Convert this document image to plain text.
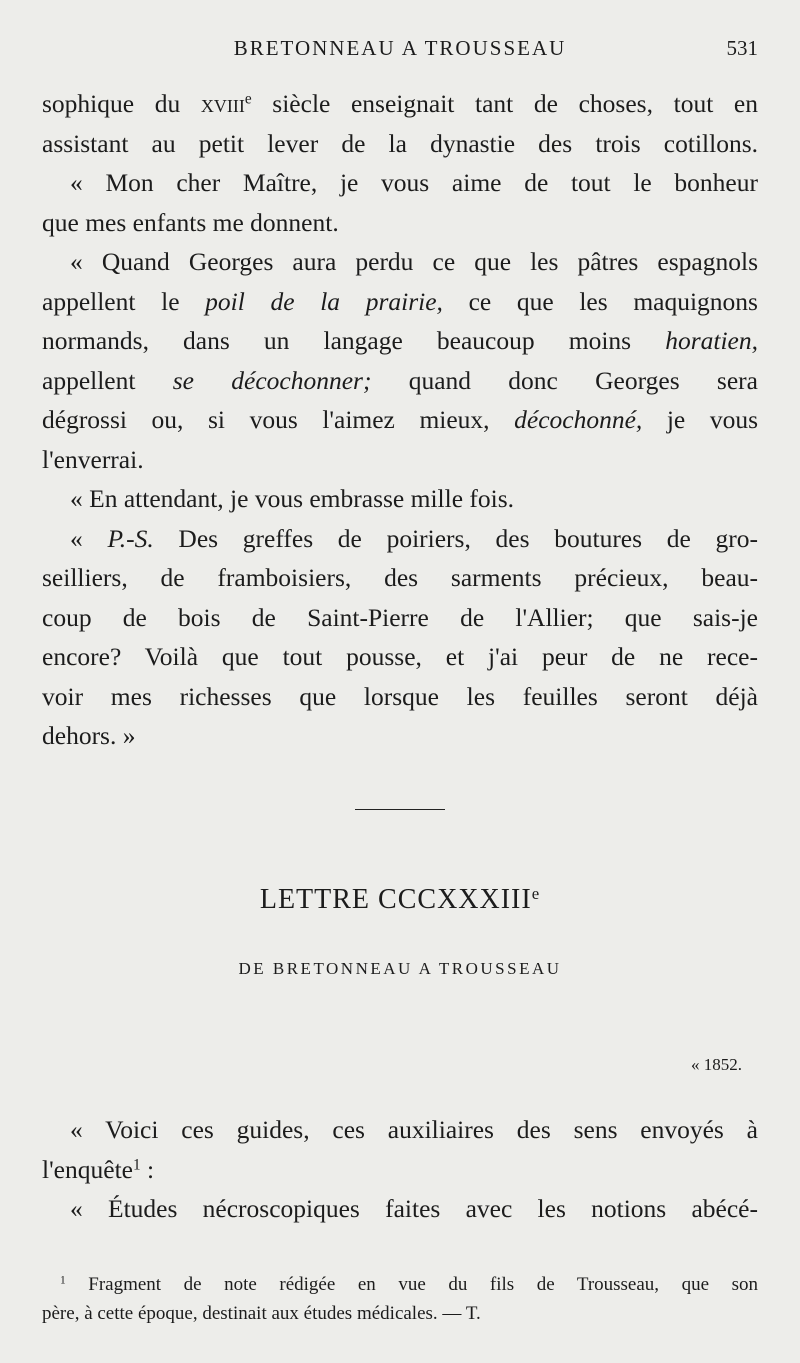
BRETONNEAU A TROUSSEAU	531
sophique du xviii$^e$ siècle enseignait tant de choses, tout en
assistant au petit lever de la dynastie des trois cotillons.
« Mon cher Maître, je vous aime de tout le bonheur
que mes enfants me donnent.
« Quand Georges aura perdu ce que les pâtres espagnols
appellent le poil de la prairie, ce que les maquignons
normands, dans un langage beaucoup moins horatien,
appellent se décochonner; quand donc Georges sera
dégrossi ou, si vous l'aimez mieux, décochonné, je vous
l'enverrai.
« En attendant, je vous embrasse mille fois.
« P.-S. Des greffes de poiriers, des boutures de gro-
seilliers, de framboisiers, des sarments précieux, beau-
coup de bois de Saint-Pierre de l'Allier; que sais-je
encore? Voilà que tout pousse, et j'ai peur de ne rece-
voir mes richesses que lorsque les feuilles seront déjà
dehors. »
LETTRE CCCXXXIIIe
DE BRETONNEAU A TROUSSEAU
« 1852.
« Voici ces guides, ces auxiliaires des sens envoyés à
l'enquête$^1$ :
« Études nécroscopiques faites avec les notions abécé-
$^1$ Fragment de note rédigée en vue du fils de Trousseau, que son
père, à cette époque, destinait aux études médicales. — T.
